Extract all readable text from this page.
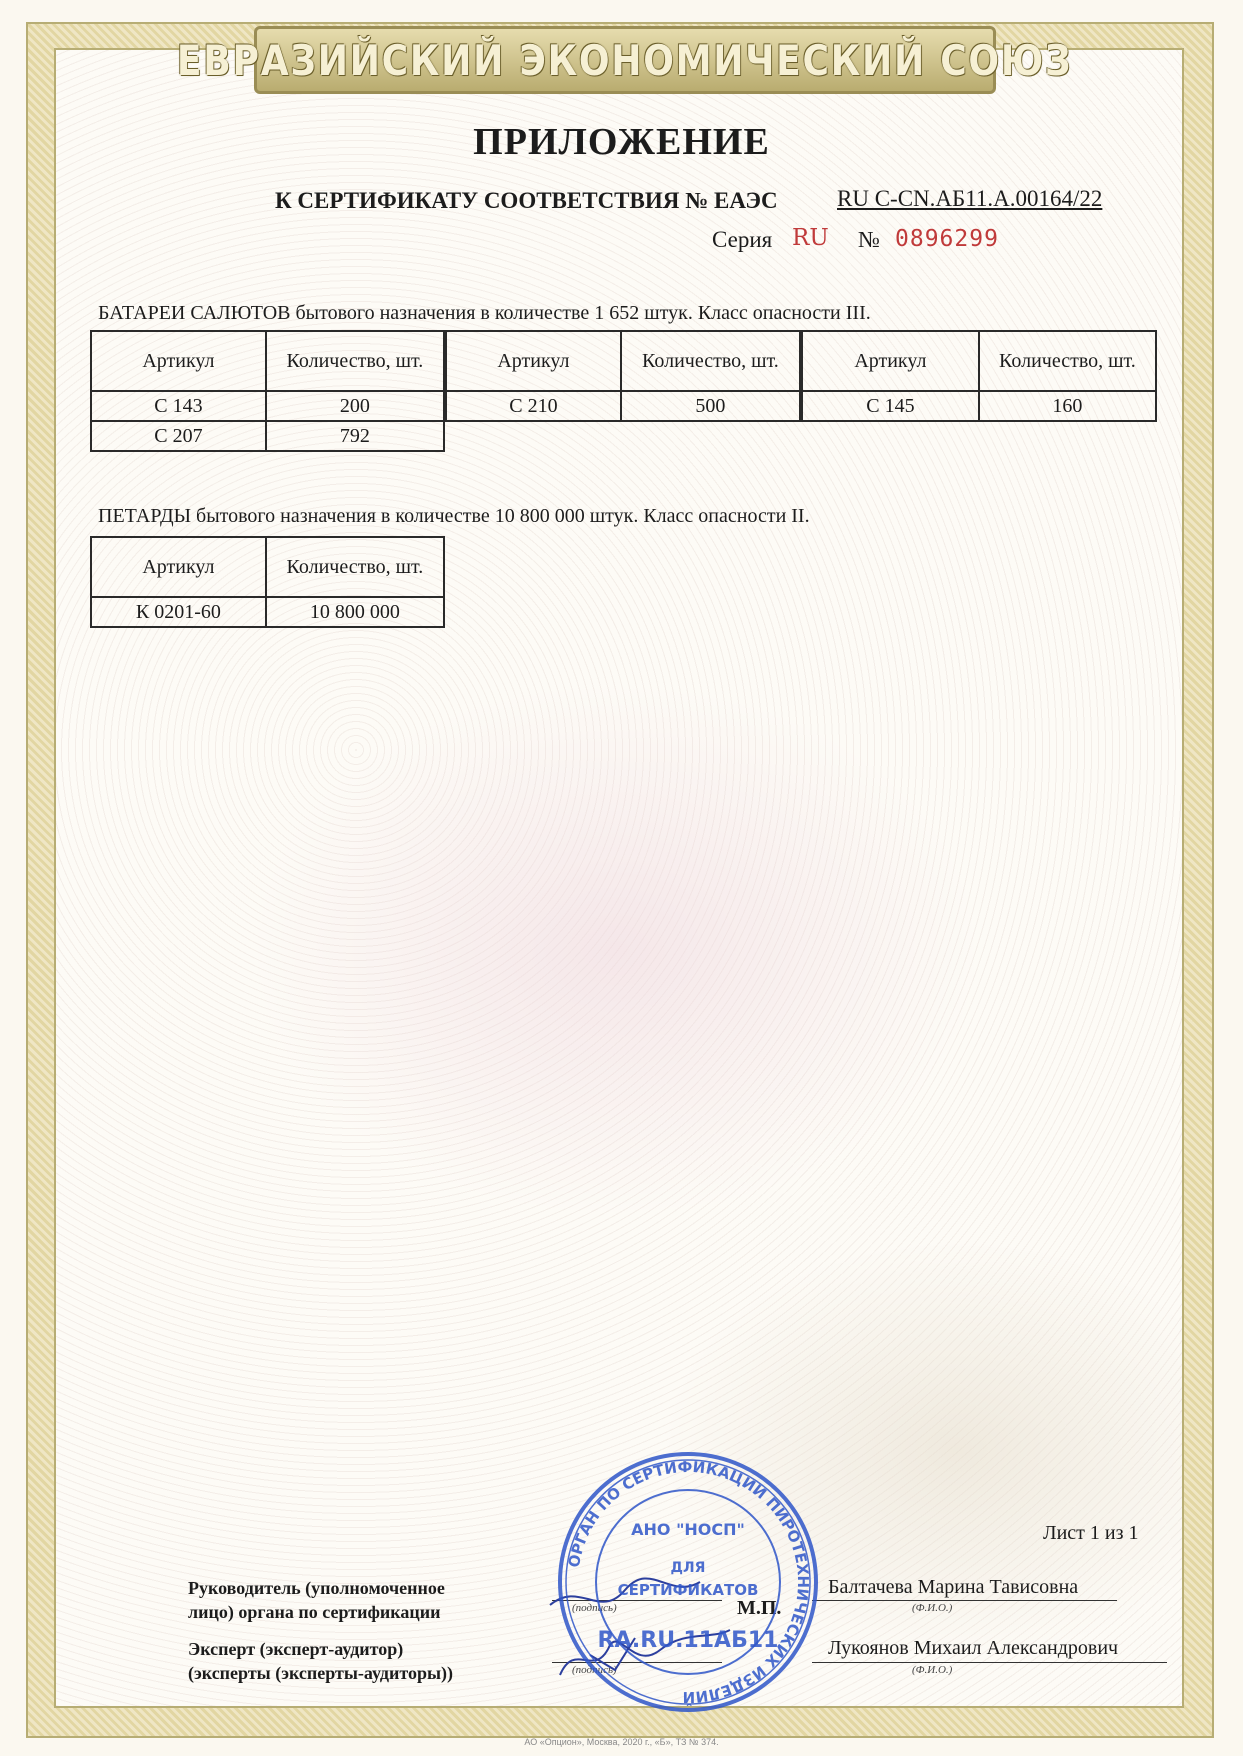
ЕВРАЗИЙСКИЙ ЭКОНОМИЧЕСКИЙ СОЮЗ
ПРИЛОЖЕНИЕ
К СЕРТИФИКАТУ СООТВЕТСТВИЯ № ЕАЭС	RU C-CN.АБ11.А.00164/22
Серия RU № 0896299
БАТАРЕИ САЛЮТОВ бытового назначения в количестве 1 652 штук. Класс опасности III.
Артикул	Количество, шт.
С 143	200
С 207	792
Артикул	Количество, шт.
С 210	500
Артикул	Количество, шт.
С 145	160
ПЕТАРДЫ бытового назначения в количестве 10 800 000 штук. Класс опасности II.
Артикул	Количество, шт.
К 0201-60	10 800 000
Лист 1 из 1
Руководитель (уполномоченное
лицо) органа по сертификации	(подпись)
Балтачева Марина Тависовна
(Ф.И.О.)
М.П.
Эксперт (эксперт-аудитор)
(эксперты (эксперты-аудиторы))	(подпись)
Лукоянов Михаил Александрович
(Ф.И.О.)
ОРГАН ПО СЕРТИФИКАЦИИ ПИРОТЕХНИЧЕСКИХ ИЗДЕЛИЙ
АНО "НОСП"
ДЛЯ
СЕРТИФИКАТОВ
RA.RU.11АБ11
АО «Опцион», Москва, 2020 г., «Б», ТЗ № 374.
